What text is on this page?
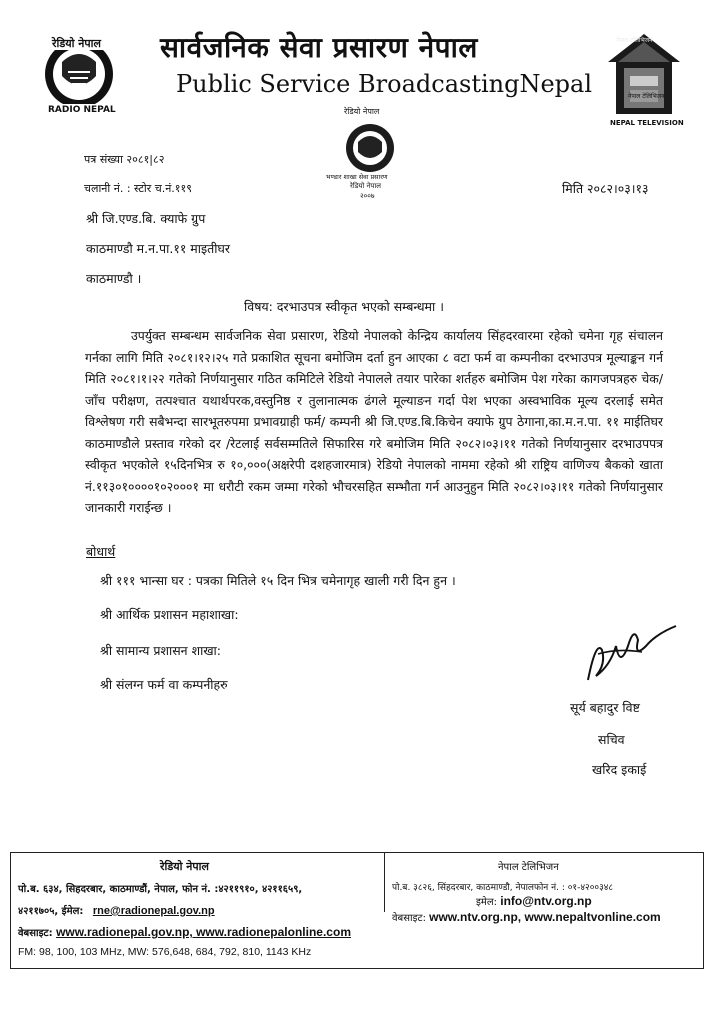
रेडियो नेपाल
RADIO NEPAL
सार्वजनिक सेवा प्रसारण नेपाल
Public Service BroadcastingNepal
नेपाल टेलिभिजन
नेपाल टेलिभिजन
NEPAL TELEVISION
रेडियो नेपाल
भण्डार शाखा सेवा प्रसारण
रेडियो नेपाल
२००७
पत्र संख्या २०८१|८२
चलानी नं. : स्टोर च.नं.११९	मिति २०८२।०३।१३
श्री जि.एण्ड.बि. क्याफे ग्रुप
काठमाण्डौ म.न.पा.११ माइतीघर
काठमाण्डौ ।
विषय: दरभाउपत्र स्वीकृत भएको सम्बन्धमा ।
उपर्युक्त सम्बन्धम सार्वजनिक सेवा प्रसारण, रेडियो नेपालको केन्द्रिय कार्यालय सिंहदरवारमा रहेको चमेना गृह संचालन गर्नका लागि मिति २०८१।१२।२५ गते प्रकाशित सूचना बमोजिम दर्ता हुन आएका ८ वटा फर्म वा कम्पनीका दरभाउपत्र मूल्याङ्कन गर्न मिति २०८१।१।२२ गतेको निर्णयानुसार गठित कमिटिले रेडियो नेपालले तयार पारेका शर्तहरु बमोजिम पेश गरेका कागजपत्रहरु चेक/ जाँच परीक्षण, तत्पश्चात यथार्थपरक,वस्तुनिष्ठ र तुलानात्मक ढंगले मूल्याङन गर्दा पेश भएका अस्वभाविक मूल्य दरलाई समेत विश्लेषण गरी सबैभन्दा सारभूतरुपमा प्रभावग्राही फर्म/ कम्पनी श्री जि.एण्ड.बि.किचेन क्याफे ग्रुप ठेगाना,का.म.न.पा. ११ माईतिघर काठमाण्डौले प्रस्ताव गरेको दर /रेटलाई सर्वसम्मतिले सिफारिस गरे बमोजिम मिति २०८२।०३।११ गतेको निर्णयानुसार दरभाउपपत्र स्वीकृत भएकोले १५दिनभित्र रु १०,०००(अक्षरेपी दशहजारमात्र) रेडियो नेपालको नाममा रहेको श्री राष्ट्रिय वाणिज्य बैकको खाता नं.११३०१००००१०२०००१ मा धरौटी रकम जम्मा गरेको भौचरसहित सम्भौता गर्न आउनुहुन मिति २०८२।०३।११ गतेको निर्णयानुसार जानकारी गराईन्छ ।
बोधार्थ
श्री १११ भान्सा घर : पत्रका मितिले १५ दिन भित्र चमेनागृह खाली गरी दिन हुन ।
श्री आर्थिक प्रशासन महाशाखा:
श्री सामान्य प्रशासन शाखा:
श्री संलग्न फर्म वा कम्पनीहरु
सूर्य बहादुर विष्ट
सचिव
खरिद इकाई
रेडियो नेपाल
पो.ब. ६३४, सिहदरबार, काठमाण्डौं, नेपाल, फोन नं. :४२११९१०, ४२११६५९,
४२११७०५, ईमेल: rne@radionepal.gov.np
वेबसाइट: www.radionepal.gov.np, www.radionepalonline.com
FM: 98, 100, 103 MHz, MW: 576,648, 684, 792, 810, 1143 KHz
नेपाल टेलिभिजन
पो.ब. ३८२६, सिंहदरबार, काठमाण्डौ, नेपालफोन नं. : ०१-४२००३४८
इमेल: info@ntv.org.np
वेबसाइट: www.ntv.org.np, www.nepaltvonline.com
